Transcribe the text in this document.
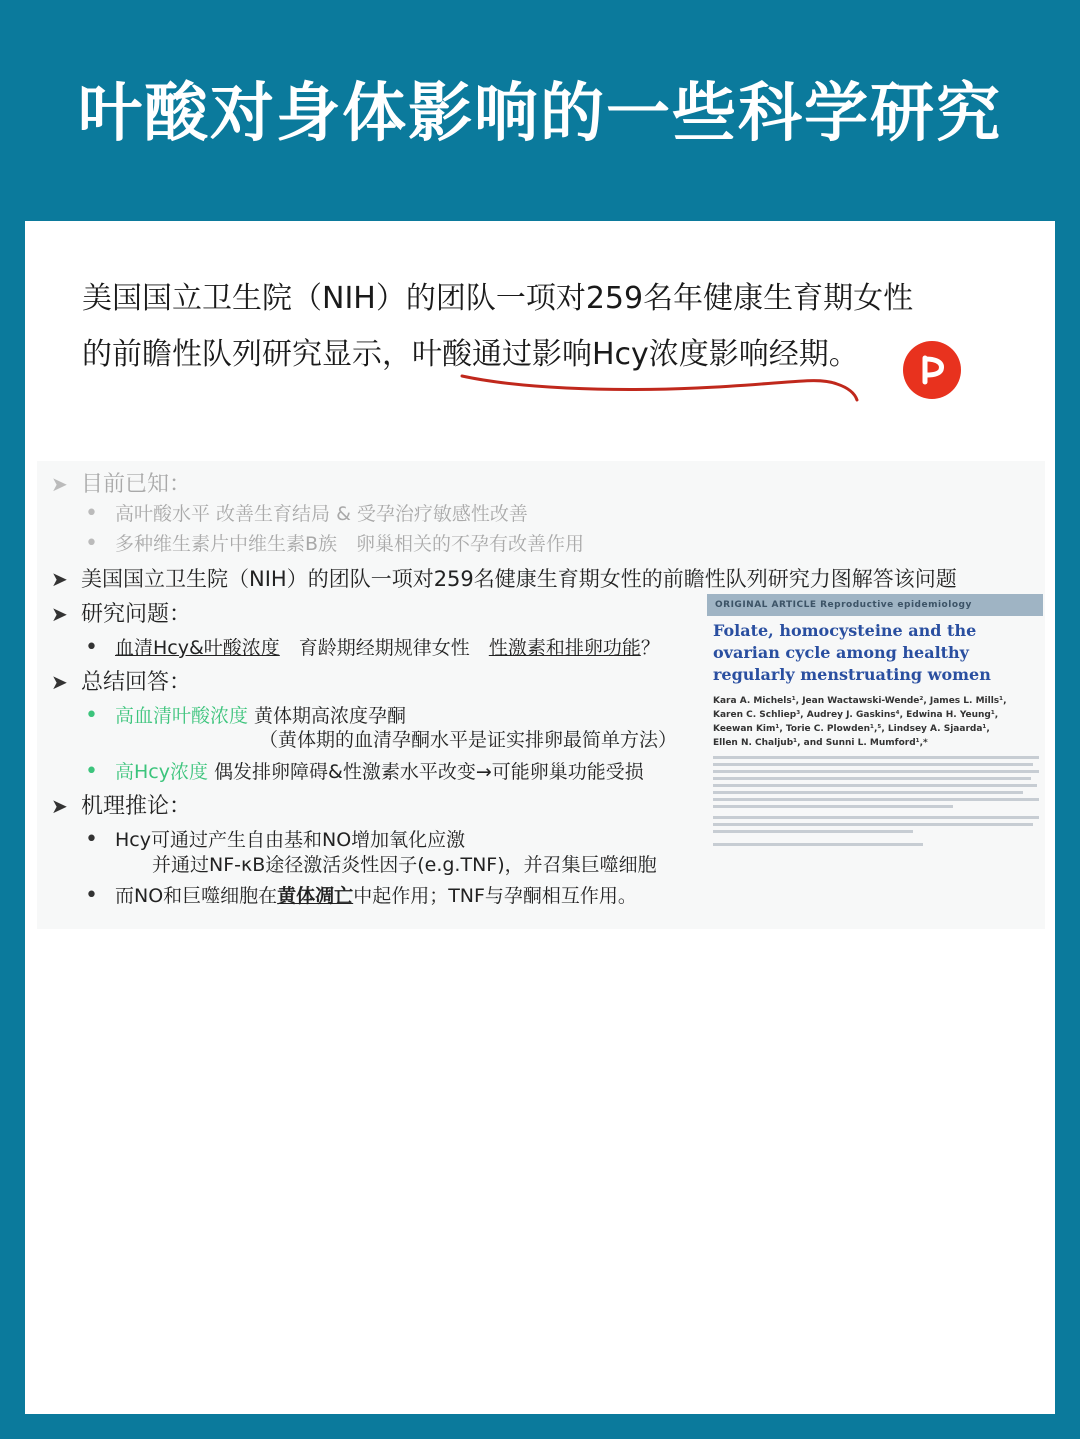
叶酸对身体影响的一些科学研究
美国国立卫生院（NIH）的团队一项对259名年健康生育期女性
的前瞻性队列研究显示，叶酸通过影响Hcy浓度影响经期。
➤ 目前已知：
• 高叶酸水平 改善生育结局 & 受孕治疗敏感性改善
• 多种维生素片中维生素B族　卵巢相关的不孕有改善作用
➤ 美国国立卫生院（NIH）的团队一项对259名健康生育期女性的前瞻性队列研究力图解答该问题
➤ 研究问题：
• 血清Hcy&叶酸浓度　育龄期经期规律女性　性激素和排卵功能？
➤ 总结回答：
• 高血清叶酸浓度 黄体期高浓度孕酮
（黄体期的血清孕酮水平是证实排卵最简单方法）
• 高Hcy浓度 偶发排卵障碍&性激素水平改变→可能卵巢功能受损
➤ 机理推论：
• Hcy可通过产生自由基和NO增加氧化应激
并通过NF-κB途径激活炎性因子(e.g.TNF)，并召集巨噬细胞
• 而NO和巨噬细胞在黄体凋亡中起作用；TNF与孕酮相互作用。
ORIGINAL ARTICLE Reproductive epidemiology
Folate, homocysteine and the ovarian cycle among healthy regularly menstruating women
Kara A. Michels¹, Jean Wactawski-Wende², James L. Mills¹, Karen C. Schliep³, Audrey J. Gaskins⁴, Edwina H. Yeung¹, Keewan Kim¹, Torie C. Plowden¹,⁵, Lindsey A. Sjaarda¹, Ellen N. Chaljub¹, and Sunni L. Mumford¹,*
